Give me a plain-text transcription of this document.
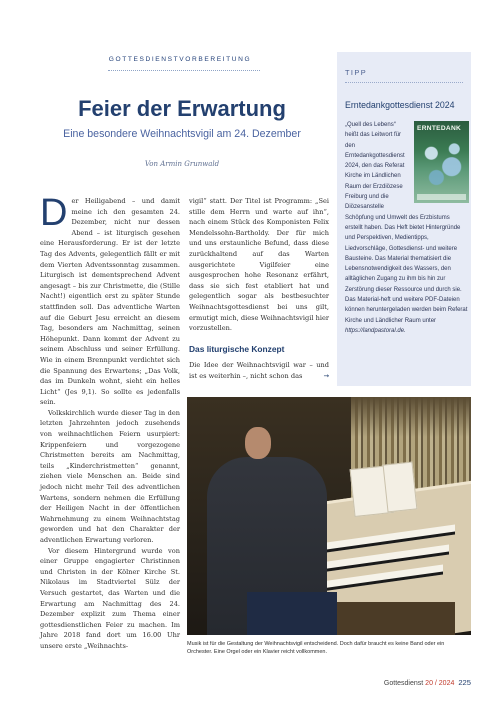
GOTTESDIENSTVORBEREITUNG
Feier der Erwartung
Eine besondere Weihnachtsvigil am 24. Dezember
Von Armin Grunwald

Der Heiligabend – und damit meine ich den gesamten 24. Dezember, nicht nur dessen Abend – ist liturgisch gesehen eine Herausforderung. Er ist der letzte Tag des Advents, gelegentlich fällt er mit dem Vierten Adventssonntag zusammen. Liturgisch ist dementsprechend Advent angesagt – bis zur Christmette, die (Stille Nacht!) eigentlich erst zu später Stunde stattfinden soll. Das adventliche Warten auf die Geburt Jesu erreicht an diesem Tag, besonders am Nachmittag, seinen Höhepunkt. Dann kommt der Advent zu seinem Abschluss und seiner Erfüllung. Wie in einem Brennpunkt verdichtet sich die Spannung des Erwartens; „Das Volk, das im Dunkeln wohnt, sieht ein helles Licht“ (Jes 9,1). So sollte es jedenfalls sein.

Volkskirchlich wurde dieser Tag in den letzten Jahrzehnten jedoch zusehends von weihnachtlichen Feiern usurpiert: Krippenfeiern und vorgezogene Christmetten bereits am Nachmittag, teils „Kinderchristmetten“ genannt, ziehen viele Menschen an. Beide sind jedoch nicht mehr Teil des adventlichen Wartens, sondern nehmen die Erfüllung der Heiligen Nacht in der öffentlichen Wahrnehmung zu einem Weihnachtstag geworden und hat den Charakter der adventlichen Erwartung verloren.

Vor diesem Hintergrund wurde von einer Gruppe engagierter Christinnen und Christen in der Kölner Kirche St. Nikolaus im Stadtviertel Sülz der Versuch gestartet, das Warten und die Erwartung am Nachmittag des 24. Dezember explizit zum Thema einer gottesdienstlichen Feier zu machen. Im Jahre 2018 fand dort um 16.00 Uhr unsere erste „Weihnachts-

vigil“ statt. Der Titel ist Programm: „Sei stille dem Herrn und warte auf ihn“, nach einem Stück des Komponisten Felix Mendelssohn-Bartholdy. Der für mich und uns erstaunliche Befund, dass diese zurückhaltend auf das Warten ausgerichtete Vigilfeier eine ausgesprochen hohe Resonanz erfährt, dass sie sich fest etabliert hat und gelegentlich sogar als bestbesuchter Weihnachtsgottesdienst bei uns gilt, ermutigt mich, diese Weihnachtsvigil hier vorzustellen.

Das liturgische Konzept

Die Idee der Weihnachtsvigil war – und ist es weiterhin –, nicht schon das	→

TIPP
Erntedankgottesdienst 2024
ERNTEDANK
„Quell des Lebens“ heißt das Leitwort für den Erntedankgottesdienst 2024, den das Referat Kirche im Ländlichen Raum der Erzdiözese Freiburg und die Diözesanstelle Schöpfung und Umwelt des Erzbistums erstellt haben. Das Heft bietet Hintergründe und Perspektiven, Medientipps, Liedvorschläge, Gottesdienst- und weitere Bausteine. Das Material thematisiert die Lebensnotwendigkeit des Wassers, den alltäglichen Zugang zu ihm bis hin zur Zerstörung dieser Ressource und durch sie. Das Material-heft und weitere PDF-Dateien können heruntergeladen werden beim Referat Kirche und Ländlicher Raum unter https://landpastoral.de.
Musik ist für die Gestaltung der Weihnachtsvigil entscheidend. Doch dafür braucht es keine Band oder ein Orchester. Eine Orgel oder ein Klavier reicht vollkommen.
Gottesdienst 20 / 2024 225
